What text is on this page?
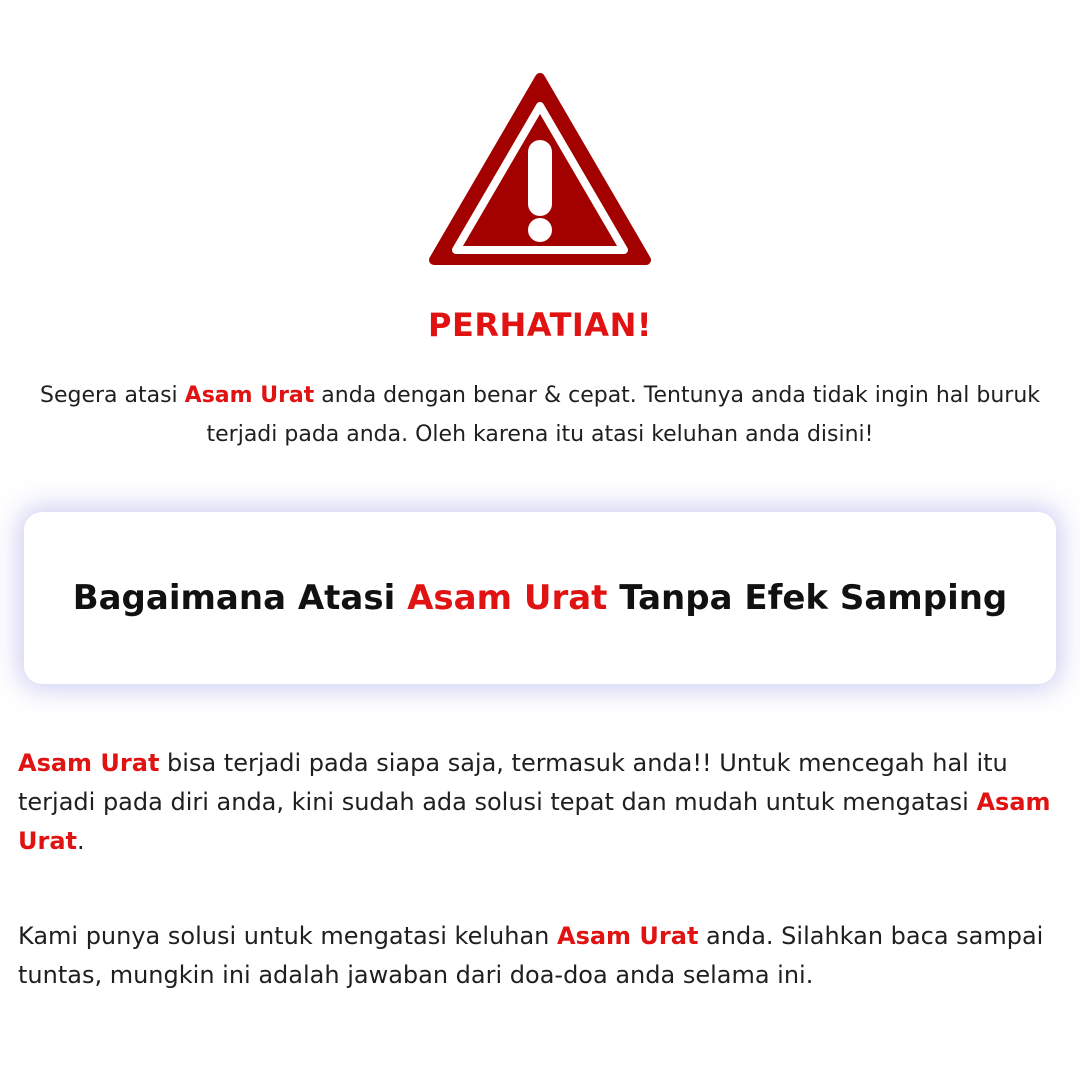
PERHATIAN!
Segera atasi Asam Urat anda dengan benar & cepat. Tentunya anda tidak ingin hal buruk terjadi pada anda. Oleh karena itu atasi keluhan anda disini!
Bagaimana Atasi Asam Urat Tanpa Efek Samping
Asam Urat bisa terjadi pada siapa saja, termasuk anda!! Untuk mencegah hal itu terjadi pada diri anda, kini sudah ada solusi tepat dan mudah untuk mengatasi Asam Urat.
Kami punya solusi untuk mengatasi keluhan Asam Urat anda. Silahkan baca sampai tuntas, mungkin ini adalah jawaban dari doa-doa anda selama ini.
